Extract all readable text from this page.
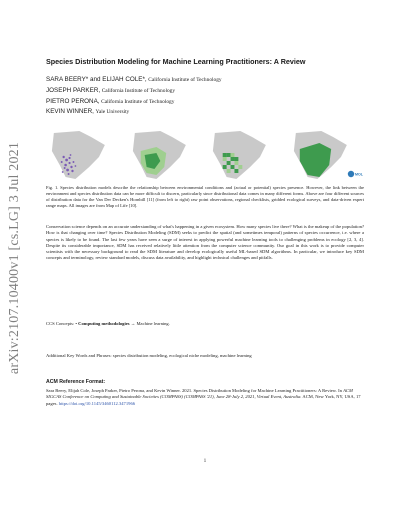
arXiv:2107.10400v1 [cs.LG] 3 Jul 2021
Species Distribution Modeling for Machine Learning Practitioners: A Review
SARA BEERY* and ELIJAH COLE*, California Institute of Technology
JOSEPH PARKER, California Institute of Technology
PIETRO PERONA, California Institute of Technology
KEVIN WINNER, Yale University
MOL
Fig. 1. Species distribution models describe the relationship between environmental conditions and (actual or potential) species presence. However, the link between the environment and species distribution data can be more difficult to discern, particularly since distributional data comes in many different forms. Above are four different sources of distribution data for the Van Der Decken's Hornbill [11] (from left to right) raw point observations, regional checklists, gridded ecological surveys, and data-driven expert range maps. All images are from Map of Life [10].
Conservation science depends on an accurate understanding of what's happening in a given ecosystem. How many species live there? What is the makeup of the population? How is that changing over time? Species Distribution Modeling (SDM) seeks to predict the spatial (and sometimes temporal) patterns of species occurrence, i.e. where a species is likely to be found. The last few years have seen a surge of interest in applying powerful machine learning tools to challenging problems in ecology [2, 3, 4]. Despite its considerable importance, SDM has received relatively little attention from the computer science community. Our goal in this work is to provide computer scientists with the necessary background to read the SDM literature and develop ecologically useful ML-based SDM algorithms. In particular, we introduce key SDM concepts and terminology, review standard models, discuss data availability, and highlight technical challenges and pitfalls.
CCS Concepts: • Computing methodologies → Machine learning.
Additional Key Words and Phrases: species distribution modeling, ecological niche modeling, machine learning
ACM Reference Format:
Sara Beery, Elijah Cole, Joseph Parker, Pietro Perona, and Kevin Winner. 2021. Species Distribution Modeling for Machine Learning Practitioners: A Review. In ACM SIGCAS Conference on Computing and Sustainable Societies (COMPASS) (COMPASS '21), June 28-July 2, 2021, Virtual Event, Australia. ACM, New York, NY, USA, 17 pages. https://doi.org/10.1145/3460112.3471966
1
